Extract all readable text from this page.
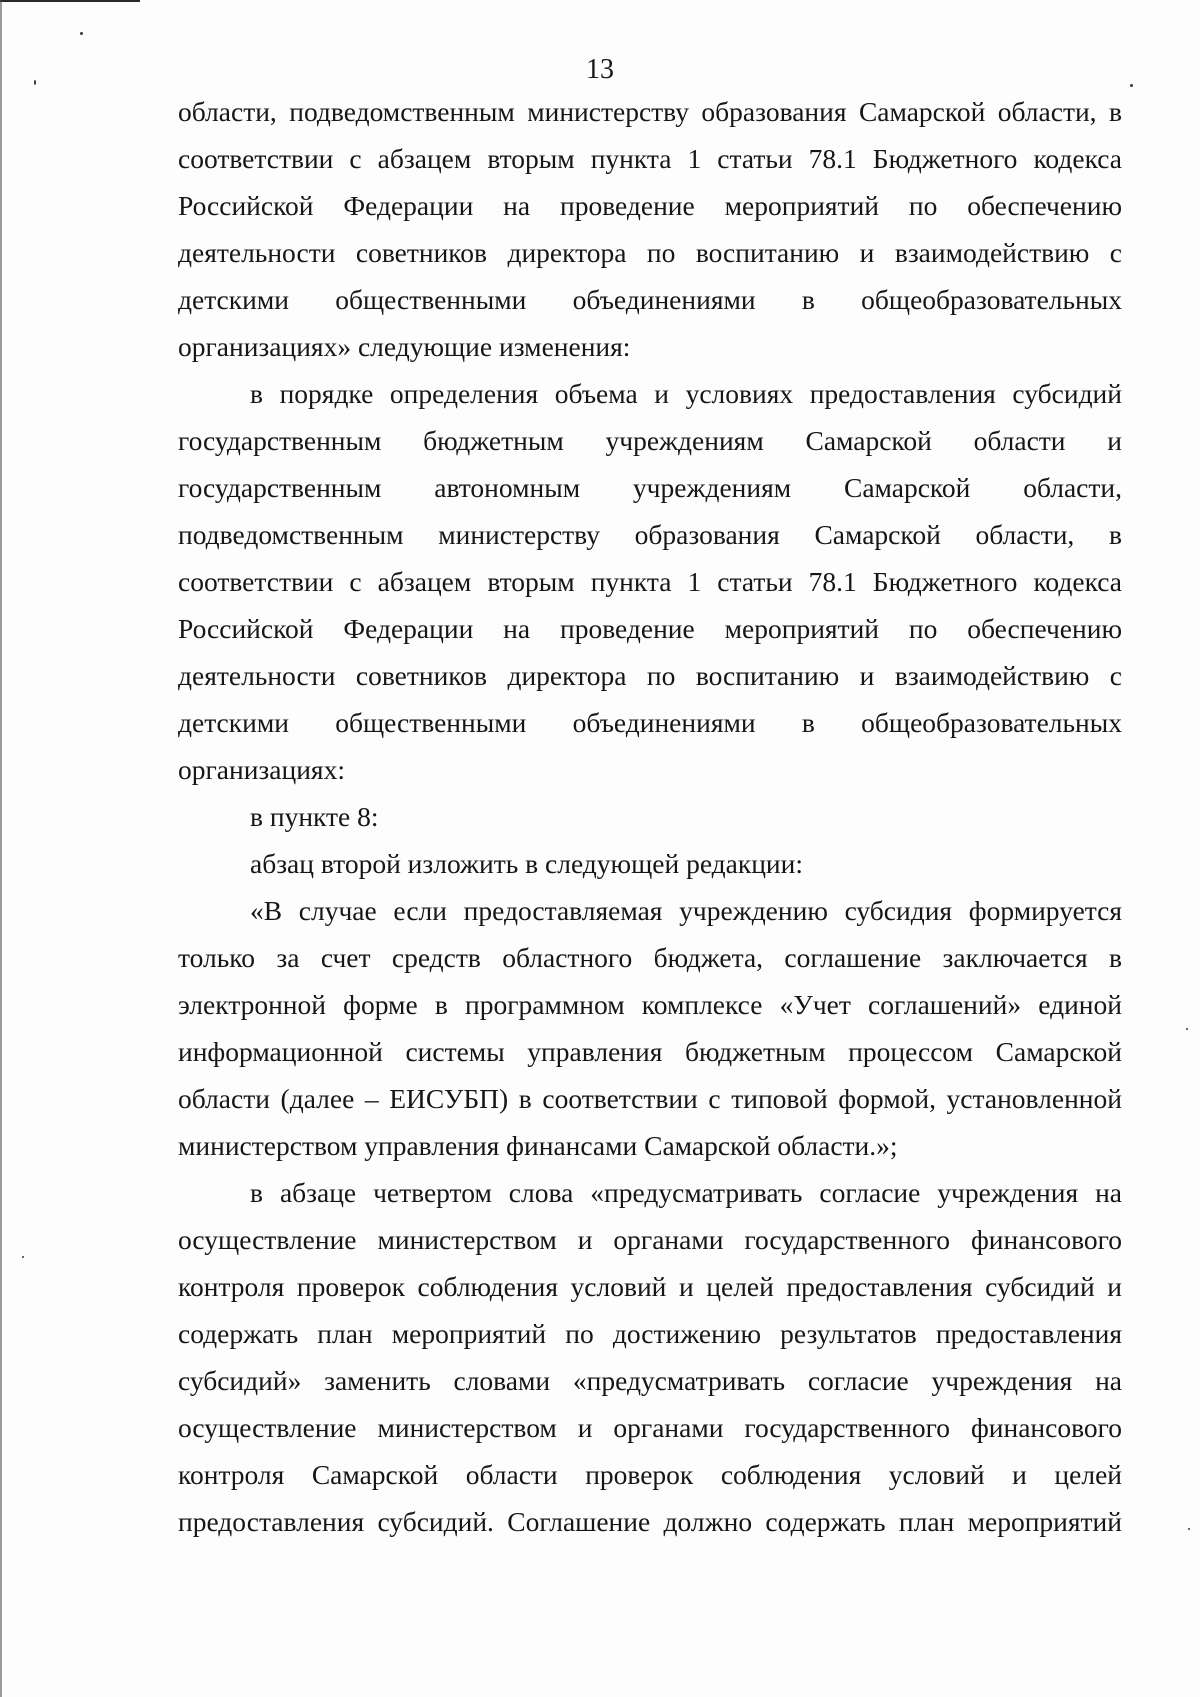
13
области, подведомственным министерству образования Самарской области, в
соответствии с абзацем вторым пункта 1 статьи 78.1 Бюджетного кодекса
Российской Федерации на проведение мероприятий по обеспечению
деятельности советников директора по воспитанию и взаимодействию с
детскими общественными объединениями в общеобразовательных
организациях» следующие изменения:
в порядке определения объема и условиях предоставления субсидий
государственным бюджетным учреждениям Самарской области и
государственным автономным учреждениям Самарской области,
подведомственным министерству образования Самарской области, в
соответствии с абзацем вторым пункта 1 статьи 78.1 Бюджетного кодекса
Российской Федерации на проведение мероприятий по обеспечению
деятельности советников директора по воспитанию и взаимодействию с
детскими общественными объединениями в общеобразовательных
организациях:
в пункте 8:
абзац второй изложить в следующей редакции:
«В случае если предоставляемая учреждению субсидия формируется
только за счет средств областного бюджета, соглашение заключается в
электронной форме в программном комплексе «Учет соглашений» единой
информационной системы управления бюджетным процессом Самарской
области (далее – ЕИСУБП) в соответствии с типовой формой, установленной
министерством управления финансами Самарской области.»;
в абзаце четвертом слова «предусматривать согласие учреждения на
осуществление министерством и органами государственного финансового
контроля проверок соблюдения условий и целей предоставления субсидий и
содержать план мероприятий по достижению результатов предоставления
субсидий» заменить словами «предусматривать согласие учреждения на
осуществление министерством и органами государственного финансового
контроля Самарской области проверок соблюдения условий и целей
предоставления субсидий. Соглашение должно содержать план мероприятий
